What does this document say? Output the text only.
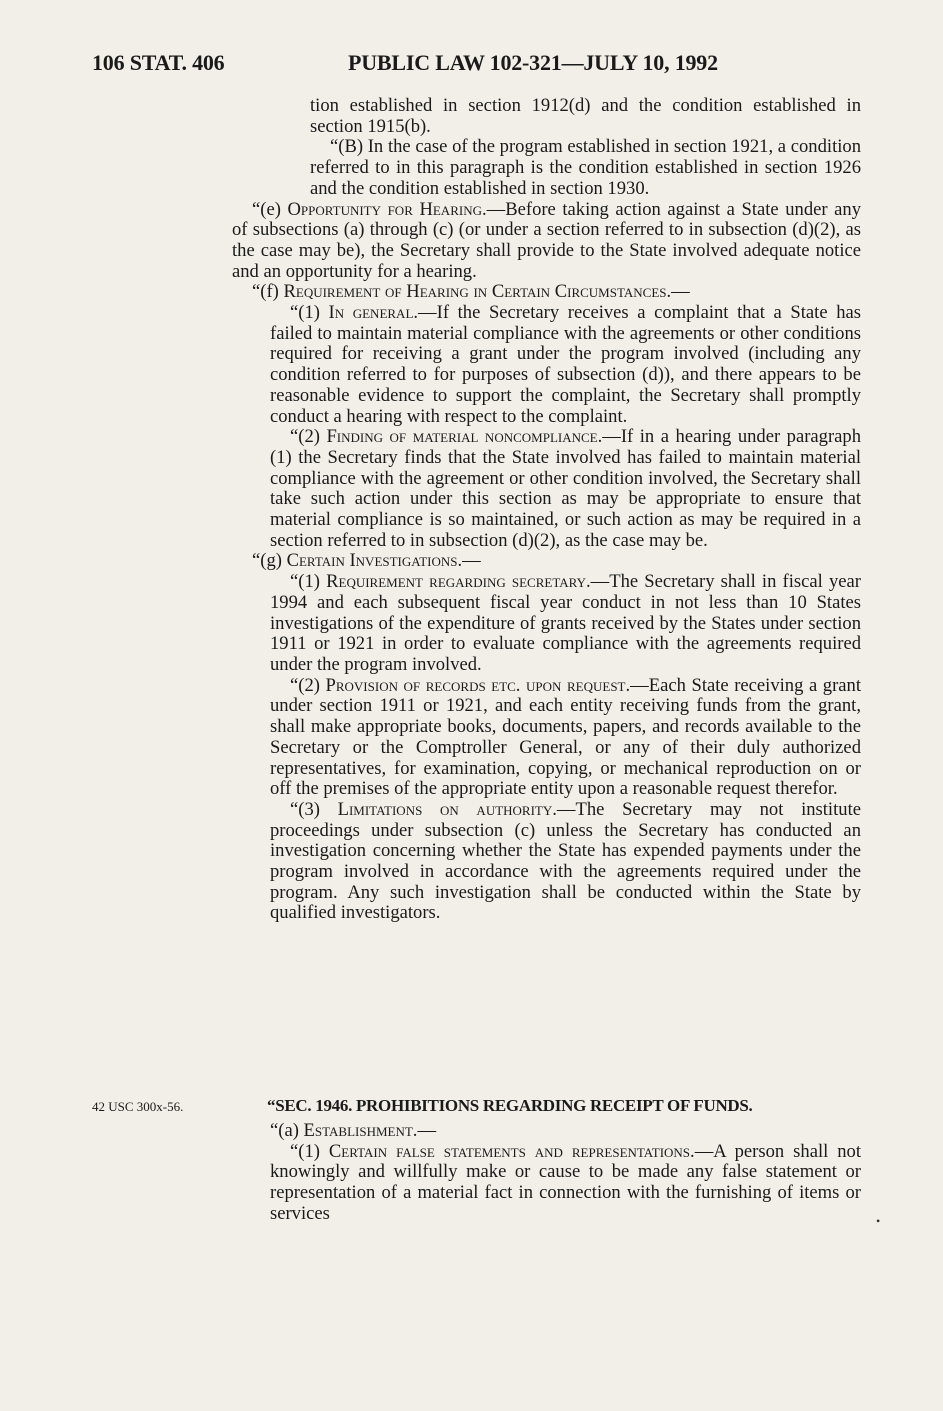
106 STAT. 406	PUBLIC LAW 102-321—JULY 10, 1992

tion established in section 1912(d) and the condition established in section 1915(b).

“(B) In the case of the program established in section 1921, a condition referred to in this paragraph is the condition established in section 1926 and the condition established in section 1930.

“(e) Opportunity for Hearing.—Before taking action against a State under any of subsections (a) through (c) (or under a section referred to in subsection (d)(2), as the case may be), the Secretary shall provide to the State involved adequate notice and an opportunity for a hearing.

“(f) Requirement of Hearing in Certain Circumstances.—

“(1) In general.—If the Secretary receives a complaint that a State has failed to maintain material compliance with the agreements or other conditions required for receiving a grant under the program involved (including any condition referred to for purposes of subsection (d)), and there appears to be reasonable evidence to support the complaint, the Secretary shall promptly conduct a hearing with respect to the complaint.

“(2) Finding of material noncompliance.—If in a hearing under paragraph (1) the Secretary finds that the State involved has failed to maintain material compliance with the agreement or other condition involved, the Secretary shall take such action under this section as may be appropriate to ensure that material compliance is so maintained, or such action as may be required in a section referred to in subsection (d)(2), as the case may be.

“(g) Certain Investigations.—

“(1) Requirement regarding secretary.—The Secretary shall in fiscal year 1994 and each subsequent fiscal year conduct in not less than 10 States investigations of the expenditure of grants received by the States under section 1911 or 1921 in order to evaluate compliance with the agreements required under the program involved.

“(2) Provision of records etc. upon request.—Each State receiving a grant under section 1911 or 1921, and each entity receiving funds from the grant, shall make appropriate books, documents, papers, and records available to the Secretary or the Comptroller General, or any of their duly authorized representatives, for examination, copying, or mechanical reproduction on or off the premises of the appropriate entity upon a reasonable request therefor.

“(3) Limitations on authority.—The Secretary may not institute proceedings under subsection (c) unless the Secretary has conducted an investigation concerning whether the State has expended payments under the program involved in accordance with the agreements required under the program. Any such investigation shall be conducted within the State by qualified investigators.

42 USC 300x-56.	“SEC. 1946. PROHIBITIONS REGARDING RECEIPT OF FUNDS.

“(a) Establishment.—

“(1) Certain false statements and representations.—A person shall not knowingly and willfully make or cause to be made any false statement or representation of a material fact in connection with the furnishing of items or services	•
